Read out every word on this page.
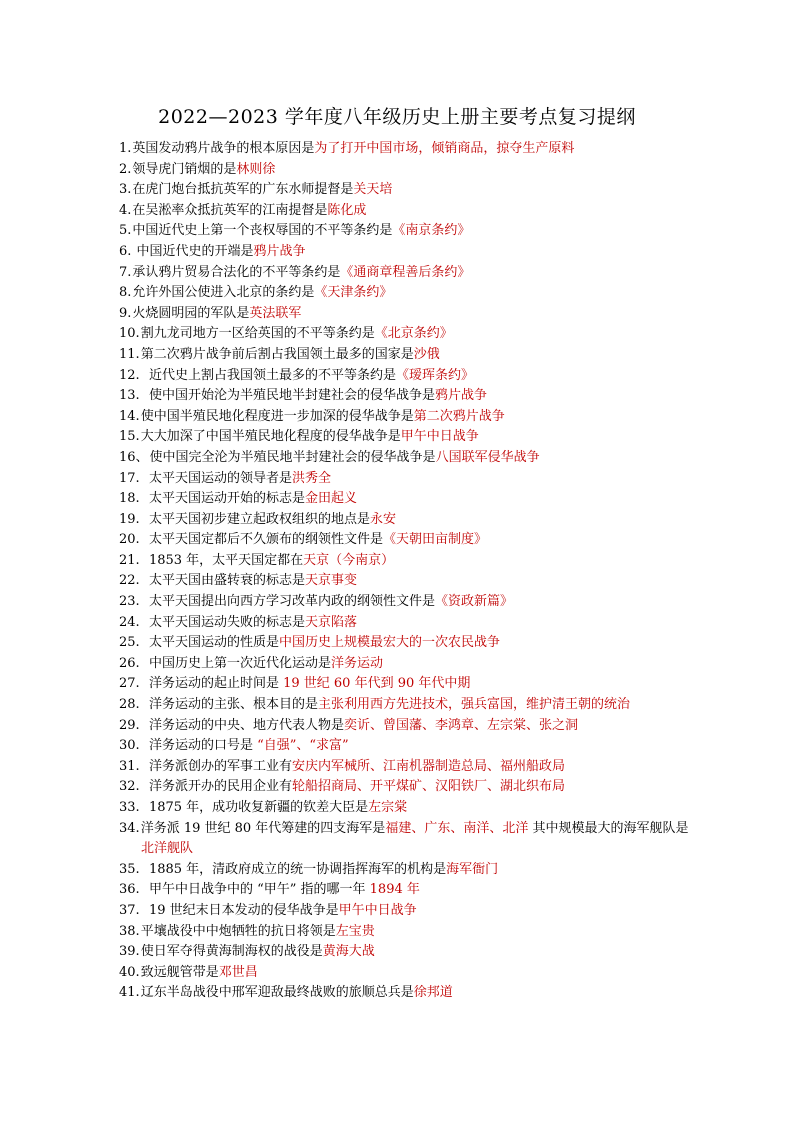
2022—2023 学年度八年级历史上册主要考点复习提纲
1.英国发动鸦片战争的根本原因是为了打开中国市场，倾销商品，掠夺生产原料
2.领导虎门销烟的是林则徐
3.在虎门炮台抵抗英军的广东水师提督是关天培
4.在吴淞率众抵抗英军的江南提督是陈化成
5.中国近代史上第一个丧权辱国的不平等条约是《南京条约》
6. 中国近代史的开端是鸦片战争
7.承认鸦片贸易合法化的不平等条约是《通商章程善后条约》
8.允许外国公使进入北京的条约是《天津条约》
9.火烧圆明园的军队是英法联军
10.割九龙司地方一区给英国的不平等条约是《北京条约》
11.第二次鸦片战争前后割占我国领土最多的国家是沙俄
12.  近代史上割占我国领土最多的不平等条约是《瑷珲条约》
13.  使中国开始沦为半殖民地半封建社会的侵华战争是鸦片战争
14.使中国半殖民地化程度进一步加深的侵华战争是第二次鸦片战争
15.大大加深了中国半殖民地化程度的侵华战争是甲午中日战争
16、使中国完全沦为半殖民地半封建社会的侵华战争是八国联军侵华战争
17.  太平天国运动的领导者是洪秀全
18.  太平天国运动开始的标志是金田起义
19.  太平天国初步建立起政权组织的地点是永安
20.  太平天国定都后不久颁布的纲领性文件是《天朝田亩制度》
21.  1853 年，太平天国定都在天京（今南京）
22.  太平天国由盛转衰的标志是天京事变
23.  太平天国提出向西方学习改革内政的纲领性文件是《资政新篇》
24.  太平天国运动失败的标志是天京陷落
25.  太平天国运动的性质是中国历史上规模最宏大的一次农民战争
26.  中国历史上第一次近代化运动是洋务运动
27.  洋务运动的起止时间是 19 世纪 60 年代到 90 年代中期
28.  洋务运动的主张、根本目的是主张利用西方先进技术，强兵富国，维护清王朝的统治
29.  洋务运动的中央、地方代表人物是奕䜣、曾国藩、李鸿章、左宗棠、张之洞
30.  洋务运动的口号是 “自强”、“求富”
31.  洋务派创办的军事工业有安庆内军械所、江南机器制造总局、福州船政局
32.  洋务派开办的民用企业有轮船招商局、开平煤矿、汉阳铁厂、湖北织布局
33.  1875 年，成功收复新疆的钦差大臣是左宗棠
34.洋务派 19 世纪 80 年代筹建的四支海军是福建、广东、南洋、北洋 其中规模最大的海军舰队是北洋舰队
35.  1885 年，清政府成立的统一协调指挥海军的机构是海军衙门
36.  甲午中日战争中的 “甲午” 指的哪一年 1894 年
37.  19 世纪末日本发动的侵华战争是甲午中日战争
38.平壤战役中中炮牺牲的抗日将领是左宝贵
39.使日军夺得黄海制海权的战役是黄海大战
40.致远舰管带是邓世昌
41.辽东半岛战役中邢军迎敌最终战败的旅顺总兵是徐邦道
